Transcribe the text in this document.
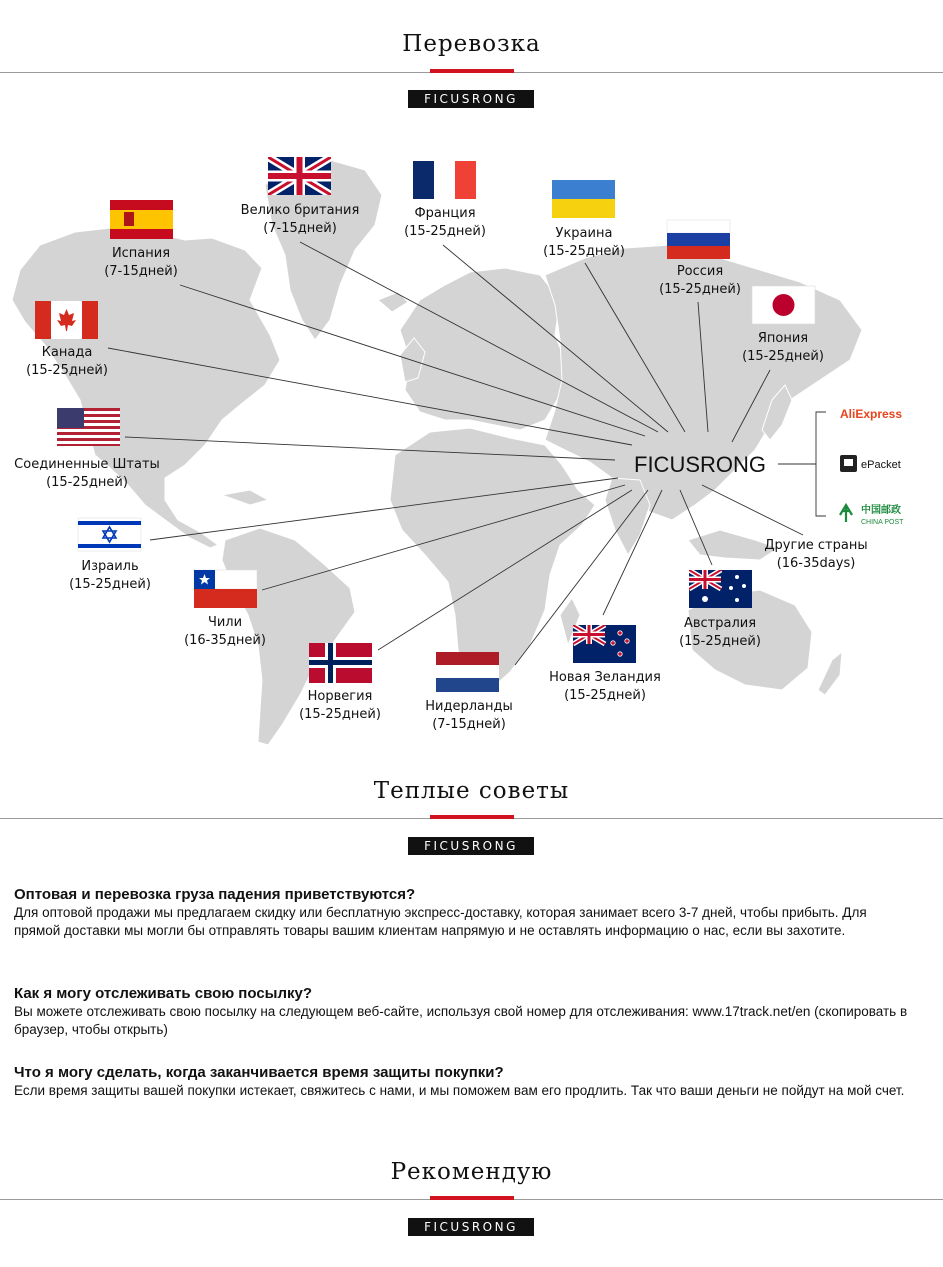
Перевозка
FICUSRONG
FICUSRONG
AliExpress
ePacket
中国邮政
CHINA POST
Велико британия
(7-15дней)
Франция
(15-25дней)	Украина
(15-25дней)
Испания
(7-15дней)	Россия
(15-25дней)
Япония
(15-25дней)
Канада
(15-25дней)
Соединенные Штаты
(15-25дней)
Израиль
(15-25дней)
Чили
(16-35дней)
Норвегия
(15-25дней)
Нидерланды
(7-15дней)
Новая Зеландия
(15-25дней)
Австралия
(15-25дней)
Другие страны
(16-35days)
Теплые советы
FICUSRONG

Оптовая и перевозка груза падения приветствуются?

Для оптовой продажи мы предлагаем скидку или бесплатную экспресс-доставку, которая занимает всего 3-7 дней, чтобы прибыть. Для прямой доставки мы могли бы отправлять товары вашим клиентам напрямую и не оставлять информацию о нас, если вы захотите.

Как я могу отслеживать свою посылку?

Вы можете отслеживать свою посылку на следующем веб-сайте, используя свой номер для отслеживания: www.17track.net/en (скопировать в браузер, чтобы открыть)

Что я могу сделать, когда заканчивается время защиты покупки?

Если время защиты вашей покупки истекает, свяжитесь с нами, и мы поможем вам его продлить. Так что ваши деньги не пойдут на мой счет.

Рекомендую
FICUSRONG
